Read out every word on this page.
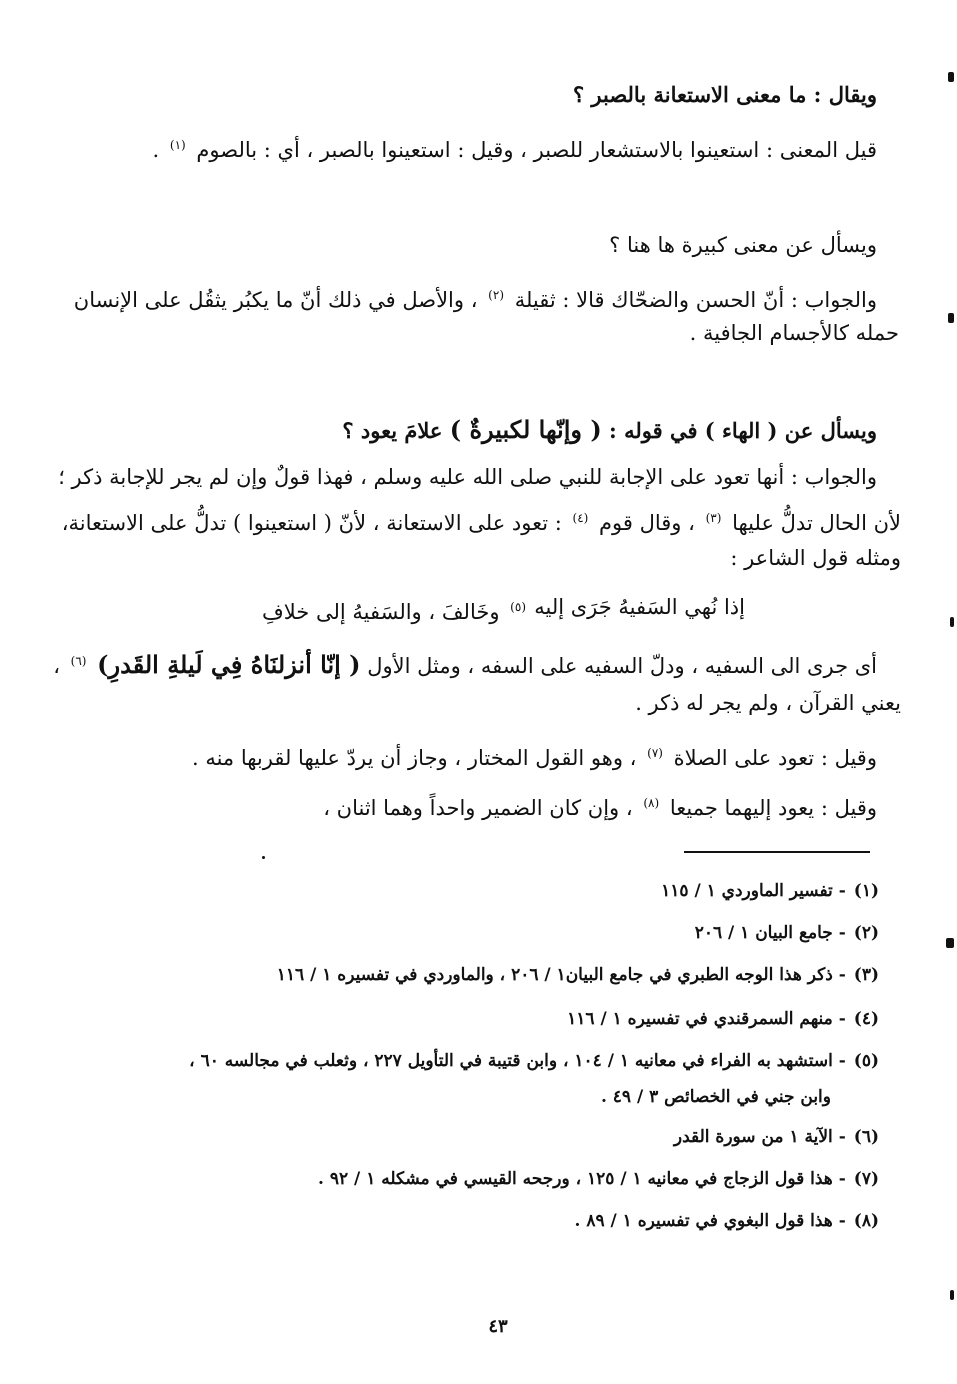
ويقال : ما معنى الاستعانة بالصبر ؟
قيل المعنى : استعينوا بالاستشعار للصبر ، وقيل : استعينوا بالصبر ، أي : بالصوم $^{(١)}$ .
ويسأل عن معنى كبيرة ها هنا ؟
والجواب : أنّ الحسن والضحّاك قالا : ثقيلة $^{(٢)}$ ، والأصل في ذلك أنّ ما يكبُر يثقُل على الإنسان
حمله كالأجسام الجافية .
ويسأل عن ( الهاء ) في قوله : ( وإنّها لكبيرةٌ ) علامَ يعود ؟
والجواب : أنها تعود على الإجابة للنبي صلى الله عليه وسلم ، فهذا قولٌ وإن لم يجر للإجابة ذكر ؛
لأن الحال تدلُّ عليها $^{(٣)}$ ، وقال قوم $^{(٤)}$ : تعود على الاستعانة ، لأنّ ( استعينوا ) تدلُّ على الاستعانة،
ومثله قول الشاعر :
إذا نُهي السَفيهُ جَرَى إليه
$^{(٥)}$ وخَالفَ ، والسَفيهُ إلى خلافِ
أى جرى الى السفيه ، ودلّ السفيه على السفه ، ومثل الأول ( إنّا أنزلنَاهُ فِي لَيلةِ القَدرِ) $^{(٦)}$ ،
يعني القرآن ، ولم يجر له ذكر .
وقيل : تعود على الصلاة $^{(٧)}$ ، وهو القول المختار ، وجاز أن يردّ عليها لقربها منه .
وقيل : يعود إليهما جميعا $^{(٨)}$ ، وإن كان الضمير واحداً وهما اثنان ،
(١)- تفسير الماوردي ١ / ١١٥
(٢)- جامع البيان ١ / ٢٠٦
(٣)- ذكر هذا الوجه الطبري في جامع البيان١ / ٢٠٦ ، والماوردي في تفسيره ١ / ١١٦
(٤)- منهم السمرقندي في تفسيره ١ / ١١٦
(٥)- استشهد به الفراء في معانيه ١ / ١٠٤ ، وابن قتيبة في التأويل ٢٢٧ ، وثعلب في مجالسه ٦٠ ،
وابن جني في الخصائص ٣ / ٤٩ .
(٦)- الآية ١ من سورة القدر
(٧)- هذا قول الزجاج في معانيه ١ / ١٢٥ ، ورجحه القيسي في مشكله ١ / ٩٢ .
(٨)- هذا قول البغوي في تفسيره ١ / ٨٩ .
٤٣
